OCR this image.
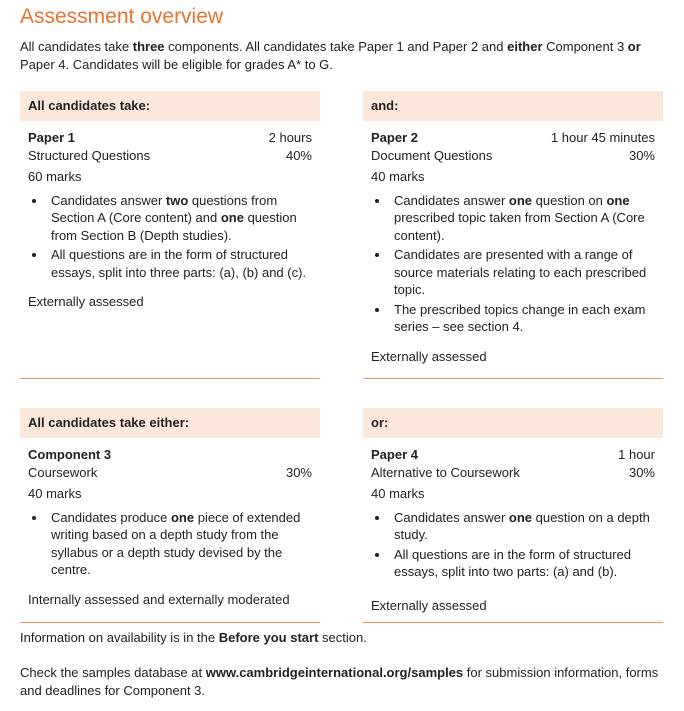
Assessment overview
All candidates take three components. All candidates take Paper 1 and Paper 2 and either Component 3 or Paper 4. Candidates will be eligible for grades A* to G.
All candidates take:
Paper 1	2 hours
Structured Questions	40%
60 marks
Candidates answer two questions from Section A (Core content) and one question from Section B (Depth studies).
All questions are in the form of structured essays, split into three parts: (a), (b) and (c).
Externally assessed
and:
Paper 2	1 hour 45 minutes
Document Questions	30%
40 marks
Candidates answer one question on one prescribed topic taken from Section A (Core content).
Candidates are presented with a range of source materials relating to each prescribed topic.
The prescribed topics change in each exam series – see section 4.
Externally assessed
All candidates take either:
Component 3
Coursework	30%
40 marks
Candidates produce one piece of extended writing based on a depth study from the syllabus or a depth study devised by the centre.
Internally assessed and externally moderated
or:
Paper 4	1 hour
Alternative to Coursework	30%
40 marks
Candidates answer one question on a depth study.
All questions are in the form of structured essays, split into two parts: (a) and (b).
Externally assessed
Information on availability is in the Before you start section.
Check the samples database at www.cambridgeinternational.org/samples for submission information, forms and deadlines for Component 3.
